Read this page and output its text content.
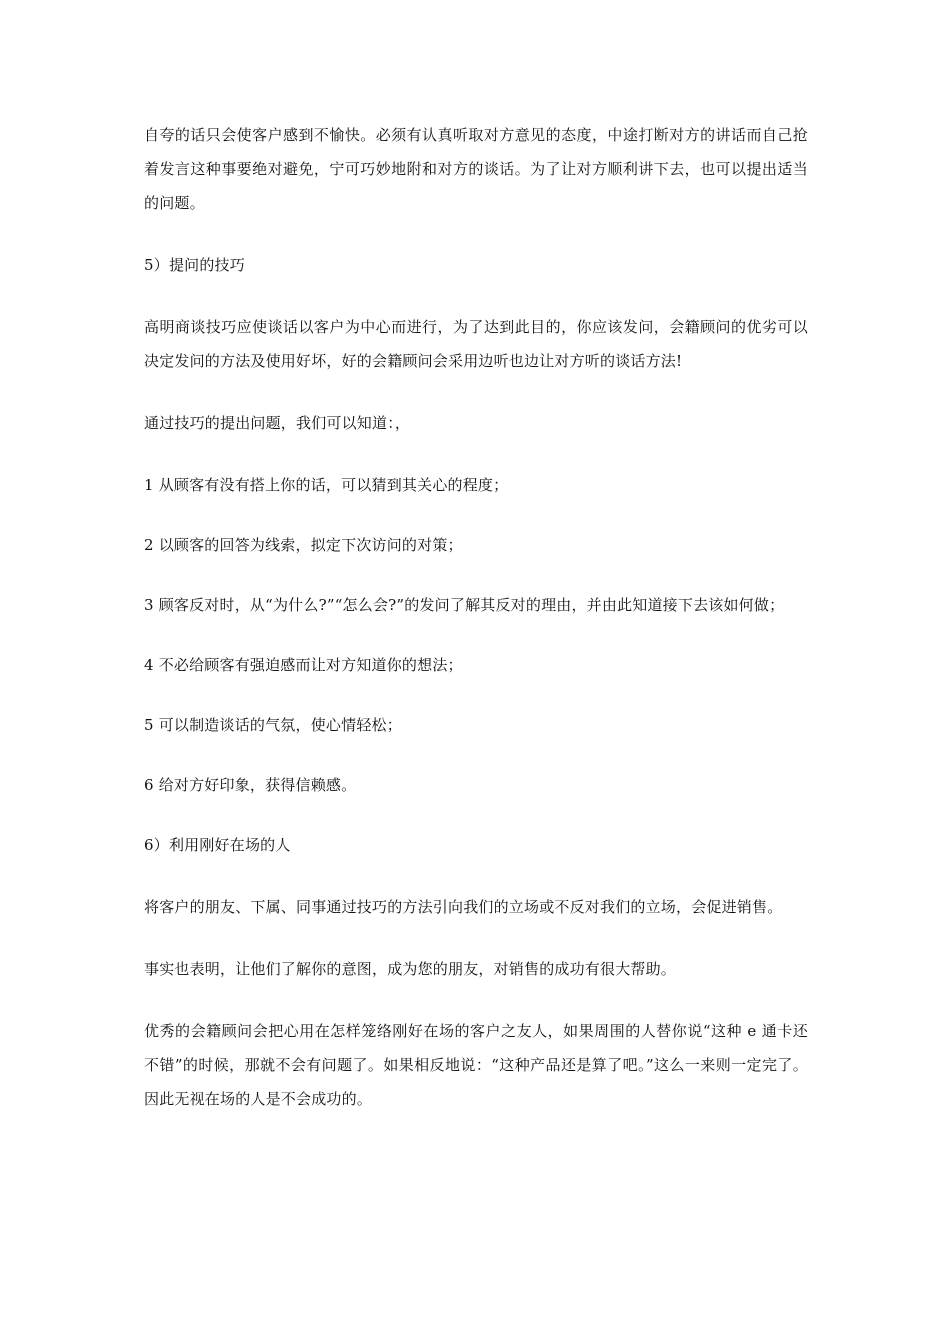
自夸的话只会使客户感到不愉快。必须有认真听取对方意见的态度，中途打断对方的讲话而自己抢着发言这种事要绝对避免，宁可巧妙地附和对方的谈话。为了让对方顺利讲下去，也可以提出适当的问题。

5）提问的技巧

高明商谈技巧应使谈话以客户为中心而进行，为了达到此目的，你应该发问，会籍顾问的优劣可以决定发问的方法及使用好坏，好的会籍顾问会采用边听也边让对方听的谈话方法!

通过技巧的提出问题，我们可以知道：，

1 从顾客有没有搭上你的话，可以猜到其关心的程度；

2 以顾客的回答为线索，拟定下次访问的对策；

3 顾客反对时，从“为什么?”“怎么会?”的发问了解其反对的理由，并由此知道接下去该如何做；

4 不必给顾客有强迫感而让对方知道你的想法；

5 可以制造谈话的气氛，使心情轻松；

6 给对方好印象，获得信赖感。

6）利用刚好在场的人

将客户的朋友、下属、同事通过技巧的方法引向我们的立场或不反对我们的立场，会促进销售。

事实也表明，让他们了解你的意图，成为您的朋友，对销售的成功有很大帮助。

优秀的会籍顾问会把心用在怎样笼络刚好在场的客户之友人，如果周围的人替你说“这种 e 通卡还不错”的时候，那就不会有问题了。如果相反地说：“这种产品还是算了吧。”这么一来则一定完了。因此无视在场的人是不会成功的。
